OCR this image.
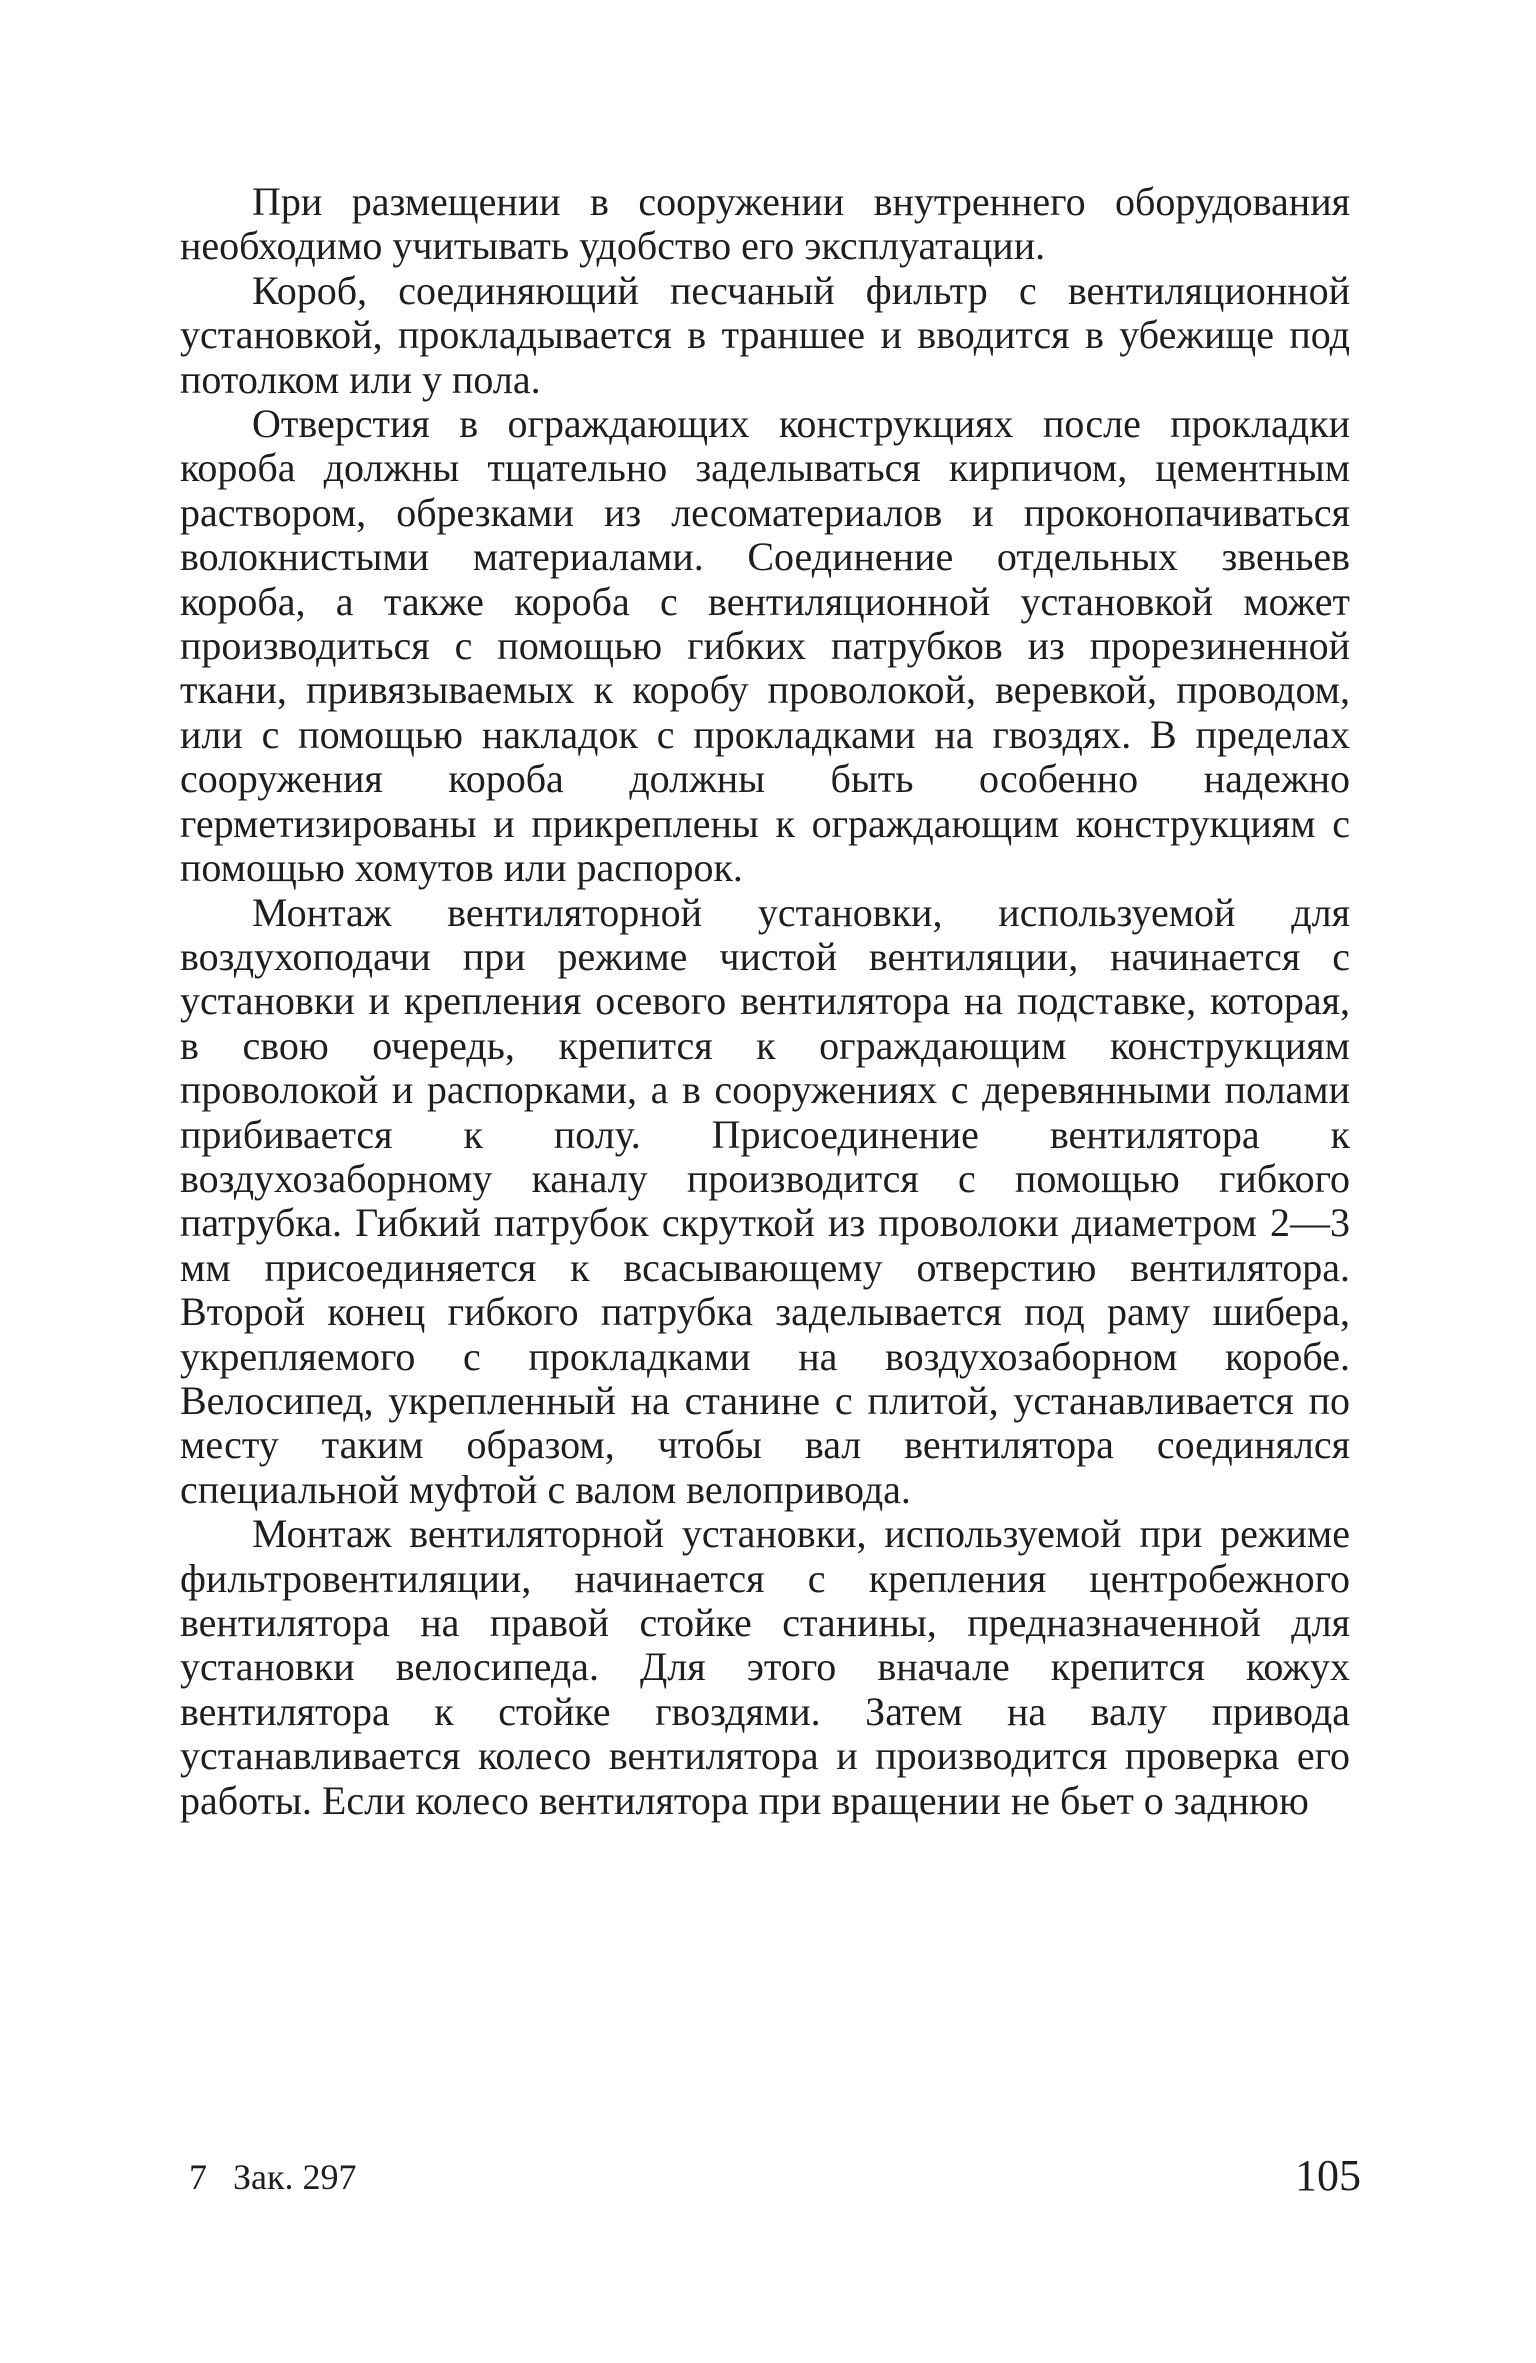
При размещении в сооружении внутреннего оборудования необходимо учитывать удобство его эксплуатации.

Короб, соединяющий песчаный фильтр с вентиляционной установкой, прокладывается в траншее и вводится в убежище под потолком или у пола.

Отверстия в ограждающих конструкциях после прокладки короба должны тщательно заделываться кирпичом, цементным раствором, обрезками из лесоматериалов и проконопачиваться волокнистыми материалами. Соединение отдельных звеньев короба, а также короба с вентиляционной установкой может производиться с помощью гибких патрубков из прорезиненной ткани, привязываемых к коробу проволокой, веревкой, проводом, или с помощью накладок с прокладками на гвоздях. В пределах сооружения короба должны быть особенно надежно герметизированы и прикреплены к ограждающим конструкциям с помощью хомутов или распорок.

Монтаж вентиляторной установки, используемой для воздухоподачи при режиме чистой вентиляции, начинается с установки и крепления осевого вентилятора на подставке, которая, в свою очередь, крепится к ограждающим конструкциям проволокой и распорками, а в сооружениях с деревянными полами прибивается к полу. Присоединение вентилятора к воздухозаборному каналу производится с помощью гибкого патрубка. Гибкий патрубок скруткой из проволоки диаметром 2—3 мм присоединяется к всасывающему отверстию вентилятора. Второй конец гибкого патрубка заделывается под раму шибера, укрепляемого с прокладками на воздухозаборном коробе. Велосипед, укрепленный на станине с плитой, устанавливается по месту таким образом, чтобы вал вентилятора соединялся специальной муфтой с валом велопривода.

Монтаж вентиляторной установки, используемой при режиме фильтровентиляции, начинается с крепления центробежного вентилятора на правой стойке станины, предназначенной для установки велосипеда. Для этого вначале крепится кожух вентилятора к стойке гвоздями. Затем на валу привода устанавливается колесо вентилятора и производится проверка его работы. Если колесо вентилятора при вращении не бьет о заднюю

7 Зак. 297	105
